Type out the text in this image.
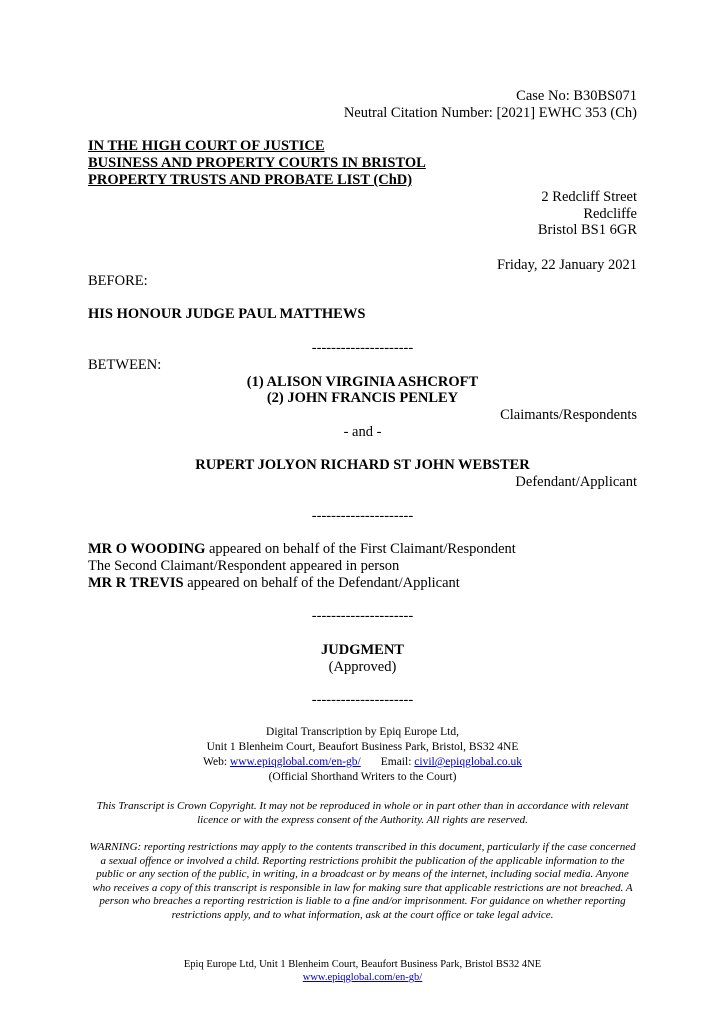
Case No: B30BS071
Neutral Citation Number: [2021] EWHC 353 (Ch)
IN THE HIGH COURT OF JUSTICE
BUSINESS AND PROPERTY COURTS IN BRISTOL
PROPERTY TRUSTS AND PROBATE LIST (ChD)
2 Redcliff Street
Redcliffe
Bristol BS1 6GR
Friday, 22 January 2021
BEFORE:
HIS HONOUR JUDGE PAUL MATTHEWS
---------------------
BETWEEN:
(1) ALISON VIRGINIA ASHCROFT
(2) JOHN FRANCIS PENLEY
Claimants/Respondents
- and -
RUPERT JOLYON RICHARD ST JOHN WEBSTER
Defendant/Applicant
---------------------
MR O WOODING appeared on behalf of the First Claimant/Respondent
The Second Claimant/Respondent appeared in person
MR R TREVIS appeared on behalf of the Defendant/Applicant
---------------------
JUDGMENT
(Approved)
---------------------
Digital Transcription by Epiq Europe Ltd,
Unit 1 Blenheim Court, Beaufort Business Park, Bristol, BS32 4NE
Web: www.epiqglobal.com/en-gb/ Email: civil@epiqglobal.co.uk
(Official Shorthand Writers to the Court)
This Transcript is Crown Copyright. It may not be reproduced in whole or in part other than in accordance with relevant licence or with the express consent of the Authority. All rights are reserved.
WARNING: reporting restrictions may apply to the contents transcribed in this document, particularly if the case concerned a sexual offence or involved a child. Reporting restrictions prohibit the publication of the applicable information to the public or any section of the public, in writing, in a broadcast or by means of the internet, including social media. Anyone who receives a copy of this transcript is responsible in law for making sure that applicable restrictions are not breached. A person who breaches a reporting restriction is liable to a fine and/or imprisonment. For guidance on whether reporting restrictions apply, and to what information, ask at the court office or take legal advice.
Epiq Europe Ltd, Unit 1 Blenheim Court, Beaufort Business Park, Bristol BS32 4NE
www.epiqglobal.com/en-gb/
